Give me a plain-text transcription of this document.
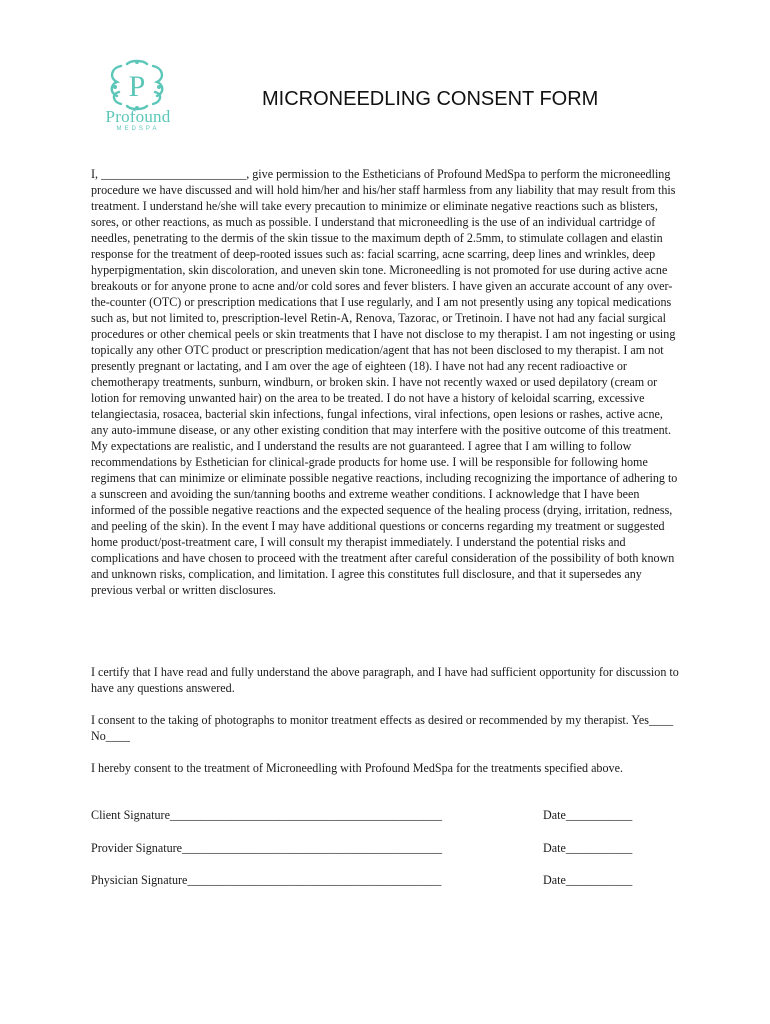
P
Profound
MEDSPA
MICRONEEDLING CONSENT FORM

I, ________________________, give permission to the Estheticians of Profound MedSpa to perform the microneedling procedure we have discussed and will hold him/her and his/her staff harmless from any liability that may result from this treatment. I understand he/she will take every precaution to minimize or eliminate negative reactions such as blisters, sores, or other reactions, as much as possible. I understand that microneedling is the use of an individual cartridge of needles, penetrating to the dermis of the skin tissue to the maximum depth of 2.5mm, to stimulate collagen and elastin response for the treatment of deep-rooted issues such as: facial scarring, acne scarring, deep lines and wrinkles, deep hyperpigmentation, skin discoloration, and uneven skin tone. Microneedling is not promoted for use during active acne breakouts or for anyone prone to acne and/or cold sores and fever blisters. I have given an accurate account of any over-the-counter (OTC) or prescription medications that I use regularly, and I am not presently using any topical medications such as, but not limited to, prescription-level Retin-A, Renova, Tazorac, or Tretinoin. I have not had any facial surgical procedures or other chemical peels or skin treatments that I have not disclose to my therapist. I am not ingesting or using topically any other OTC product or prescription medication/agent that has not been disclosed to my therapist. I am not presently pregnant or lactating, and I am over the age of eighteen (18). I have not had any recent radioactive or chemotherapy treatments, sunburn, windburn, or broken skin. I have not recently waxed or used depilatory (cream or lotion for removing unwanted hair) on the area to be treated. I do not have a history of keloidal scarring, excessive telangiectasia, rosacea, bacterial skin infections, fungal infections, viral infections, open lesions or rashes, active acne, any auto-immune disease, or any other existing condition that may interfere with the positive outcome of this treatment. My expectations are realistic, and I understand the results are not guaranteed. I agree that I am willing to follow recommendations by Esthetician for clinical-grade products for home use. I will be responsible for following home regimens that can minimize or eliminate possible negative reactions, including recognizing the importance of adhering to a sunscreen and avoiding the sun/tanning booths and extreme weather conditions. I acknowledge that I have been informed of the possible negative reactions and the expected sequence of the healing process (drying, irritation, redness, and peeling of the skin). In the event I may have additional questions or concerns regarding my treatment or suggested home product/post-treatment care, I will consult my therapist immediately. I understand the potential risks and complications and have chosen to proceed with the treatment after careful consideration of the possibility of both known and unknown risks, complication, and limitation. I agree this constitutes full disclosure, and that it supersedes any previous verbal or written disclosures.

I certify that I have read and fully understand the above paragraph, and I have had sufficient opportunity for discussion to have any questions answered.

I consent to the taking of photographs to monitor treatment effects as desired or recommended by my therapist. Yes____ No____

I hereby consent to the treatment of Microneedling with Profound MedSpa for the treatments specified above.

Client Signature_____________________________________________	Date___________
Provider Signature___________________________________________	Date___________
Physician Signature__________________________________________	Date___________
